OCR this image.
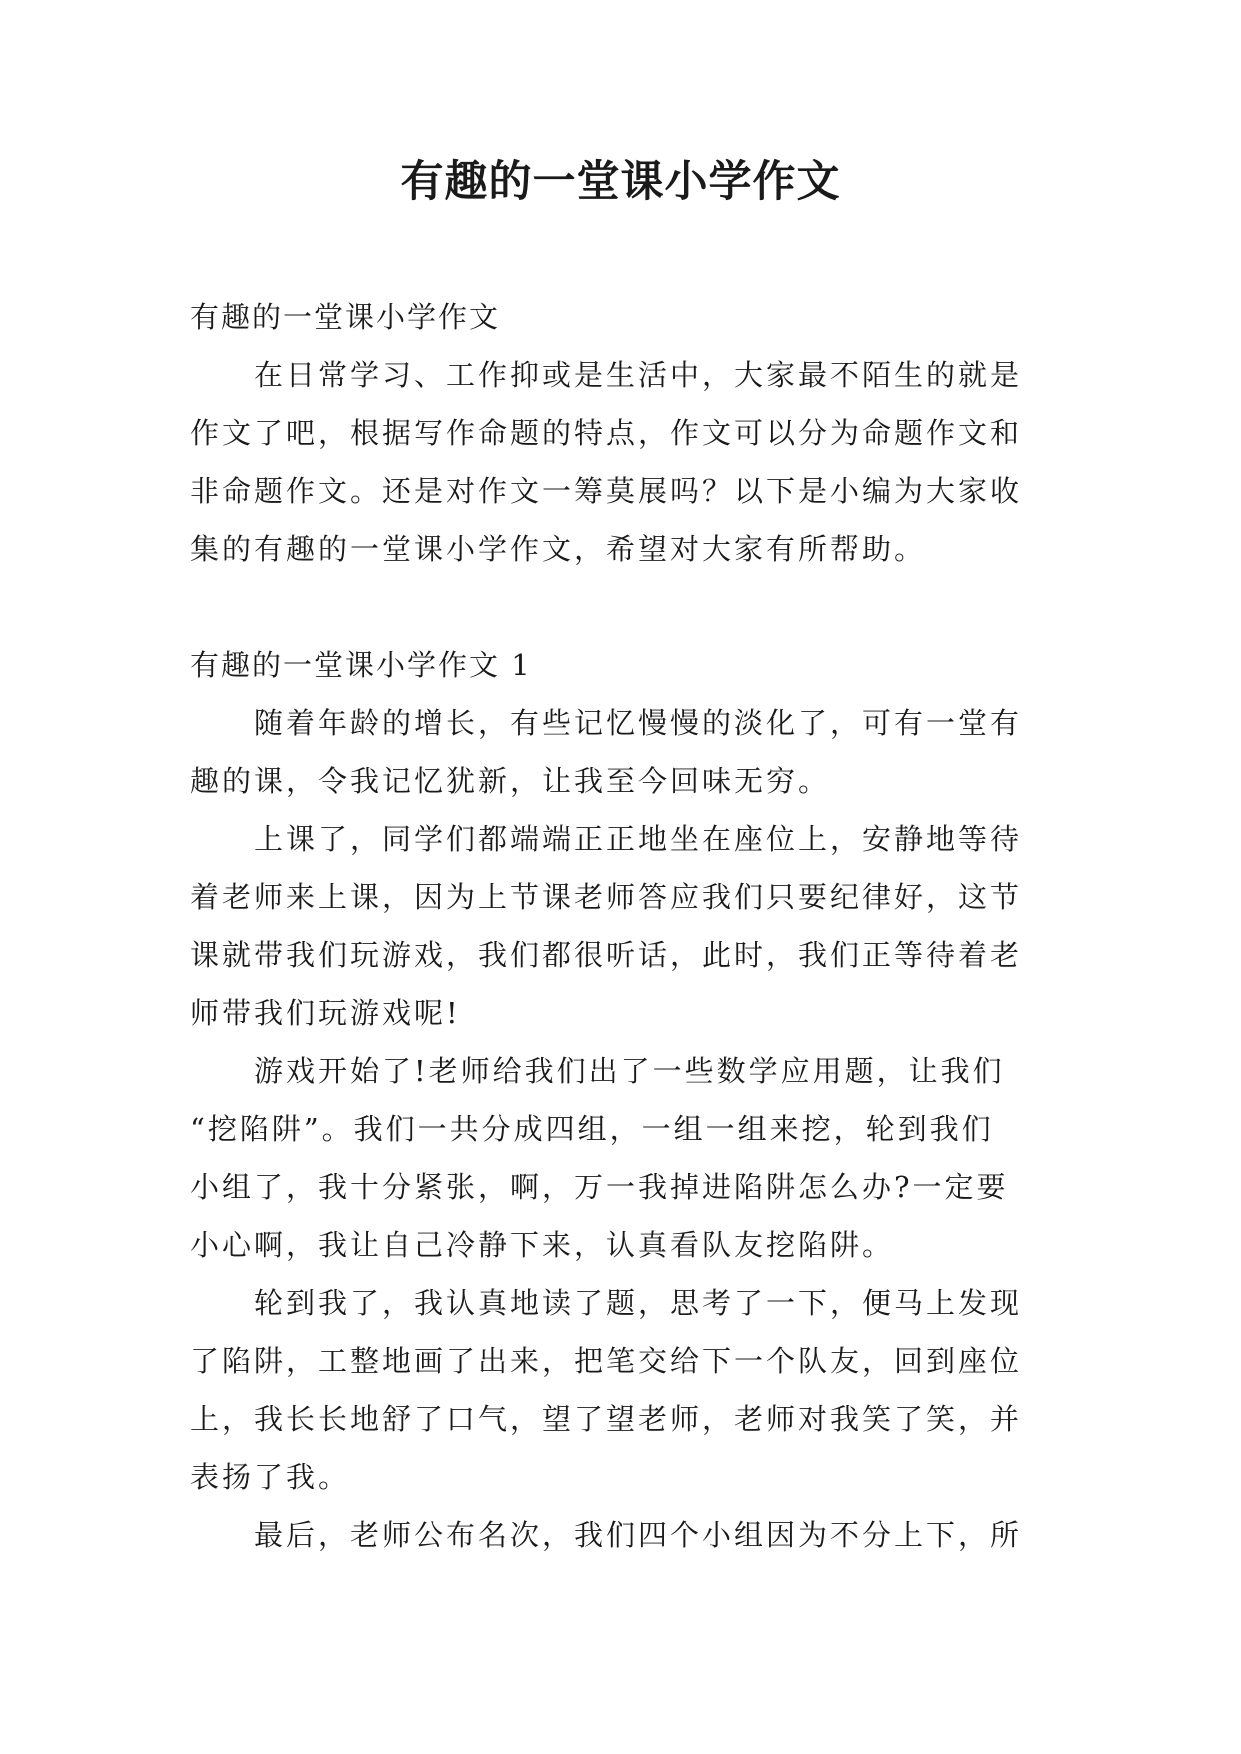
有趣的一堂课小学作文
有趣的一堂课小学作文
　　在日常学习、工作抑或是生活中，大家最不陌生的就是
作文了吧，根据写作命题的特点，作文可以分为命题作文和
非命题作文。还是对作文一筹莫展吗？以下是小编为大家收
集的有趣的一堂课小学作文，希望对大家有所帮助。
有趣的一堂课小学作文 1
　　随着年龄的增长，有些记忆慢慢的淡化了，可有一堂有
趣的课，令我记忆犹新，让我至今回味无穷。
　　上课了，同学们都端端正正地坐在座位上，安静地等待
着老师来上课，因为上节课老师答应我们只要纪律好，这节
课就带我们玩游戏，我们都很听话，此时，我们正等待着老
师带我们玩游戏呢!
　　游戏开始了!老师给我们出了一些数学应用题，让我们
“挖陷阱”。我们一共分成四组，一组一组来挖，轮到我们
小组了，我十分紧张，啊，万一我掉进陷阱怎么办?一定要
小心啊，我让自己冷静下来，认真看队友挖陷阱。
　　轮到我了，我认真地读了题，思考了一下，便马上发现
了陷阱，工整地画了出来，把笔交给下一个队友，回到座位
上，我长长地舒了口气，望了望老师，老师对我笑了笑，并
表扬了我。
　　最后，老师公布名次，我们四个小组因为不分上下，所
